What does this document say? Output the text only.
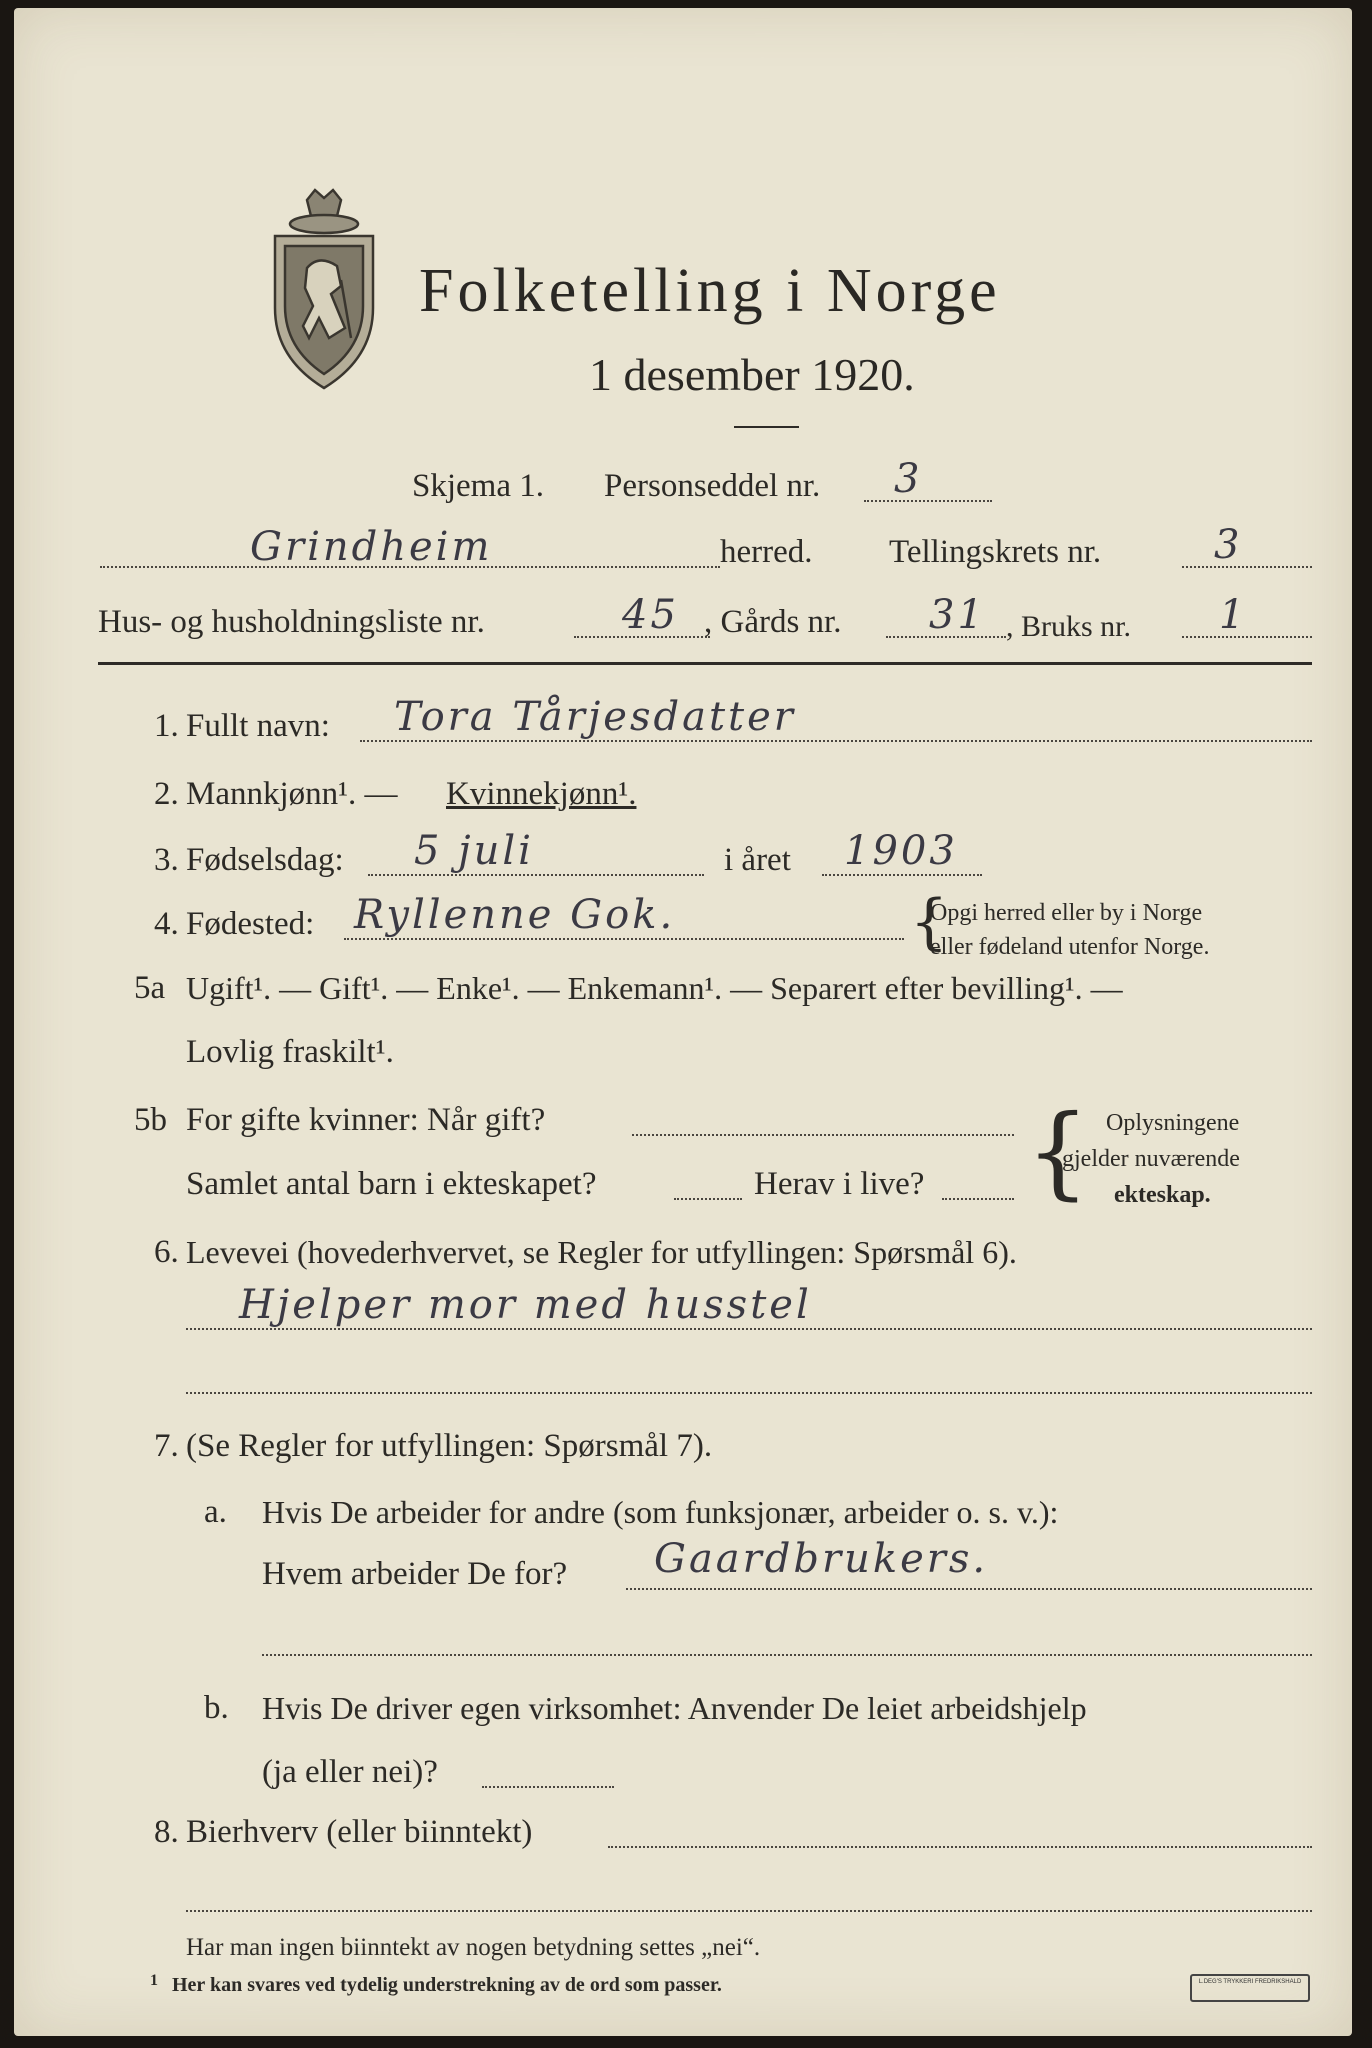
Folketelling i Norge
1 desember 1920.
Skjema 1. Personseddel nr. 3
Grindheim	herred. Tellingskrets nr.	3
Hus- og husholdningsliste nr.	45 , Gårds nr. 31 , Bruks nr. 1
1. Fullt navn: Tora Tårjesdatter
2. Mannkjønn¹. — Kvinnekjønn¹.
3. Fødselsdag: 5 juli	i året 1903
4. Fødested: Ryllenne Gok.	{
Opgi herred eller by i Norge
eller fødeland utenfor Norge.
5a Ugift¹. — Gift¹. — Enke¹. — Enkemann¹. — Separert efter bevilling¹. —
Lovlig fraskilt¹.
5b For gifte kvinner: Når gift?
Samlet antal barn i ekteskapet?	Herav i live? { Oplysningene
gjelder nuværende
ekteskap.
6. Levevei (hovederhvervet, se Regler for utfyllingen: Spørsmål 6).
Hjelper mor med husstel
7. (Se Regler for utfyllingen: Spørsmål 7).
a. Hvis De arbeider for andre (som funksjonær, arbeider o. s. v.):
Hvem arbeider De for? Gaardbrukers.
b. Hvis De driver egen virksomhet: Anvender De leiet arbeidshjelp
(ja eller nei)?
8. Bierhverv (eller biinntekt)
Har man ingen biinntekt av nogen betydning settes „nei“.
1 Her kan svares ved tydelig understrekning av de ord som passer.	L.DEG'S TRYKKERI FREDRIKSHALD
